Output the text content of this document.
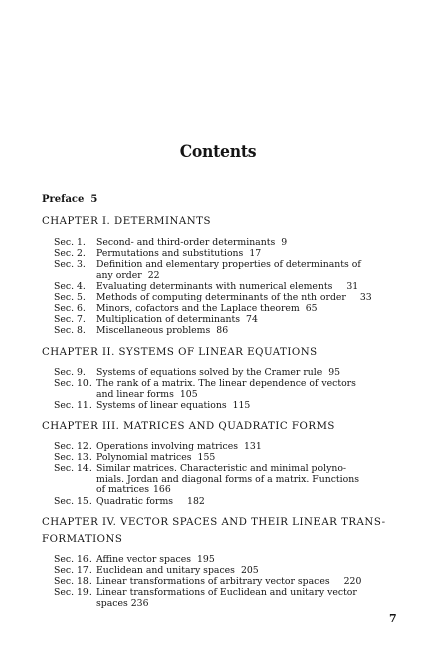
Contents
Preface 5
CHAPTER I. DETERMINANTS
Sec. 1. Second- and third-order determinants 9
Sec. 2. Permutations and substitutions 17
Sec. 3. Definition and elementary properties of determinants of
any order 22
Sec. 4. Evaluating determinants with numerical elements 31
Sec. 5. Methods of computing determinants of the nth order 33
Sec. 6. Minors, cofactors and the Laplace theorem 65
Sec. 7. Multiplication of determinants 74
Sec. 8. Miscellaneous problems 86
CHAPTER II. SYSTEMS OF LINEAR EQUATIONS
Sec. 9. Systems of equations solved by the Cramer rule 95
Sec. 10. The rank of a matrix. The linear dependence of vectors
and linear forms 105
Sec. 11. Systems of linear equations 115
CHAPTER III. MATRICES AND QUADRATIC FORMS
Sec. 12. Operations involving matrices 131
Sec. 13. Polynomial matrices 155
Sec. 14. Similar matrices. Characteristic and minimal polyno-
mials. Jordan and diagonal forms of a matrix. Functions
of matrices 166
Sec. 15. Quadratic forms 182
CHAPTER IV. VECTOR SPACES AND THEIR LINEAR TRANS-
FORMATIONS
Sec. 16. Affine vector spaces 195
Sec. 17. Euclidean and unitary spaces 205
Sec. 18. Linear transformations of arbitrary vector spaces 220
Sec. 19. Linear transformations of Euclidean and unitary vector
spaces 236
7
